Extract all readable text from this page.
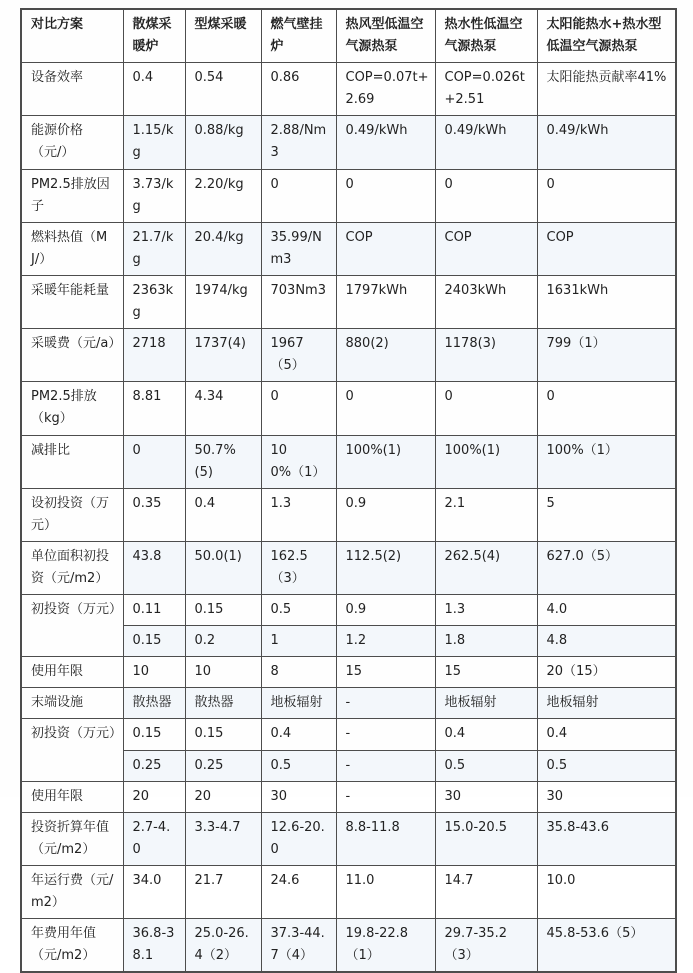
对比方案	散煤采暖炉	型煤采暖	燃气壁挂炉	热风型低温空气源热泵	热水性低温空气源热泵	太阳能热水+热水型低温空气源热泵
设备效率	0.4	0.54	0.86	COP=0.07t+2.69	COP=0.026t+2.51	太阳能热贡献率41%
能源价格（元/）	1.15/kg	0.88/kg	2.88/Nm3	0.49/kWh	0.49/kWh	0.49/kWh
PM2.5排放因子	3.73/kg	2.20/kg	0	0	0	0
燃料热值（MJ/）	21.7/kg	20.4/kg	35.99/Nm3	COP	COP	COP
采暖年能耗量	2363kg	1974/kg	703Nm3	1797kWh	2403kWh	1631kWh
采暖费（元/a）	2718	1737(4)	1967（5）	880(2)	1178(3)	799（1）
PM2.5排放（kg）	8.81	4.34	0	0	0	0
减排比	0	50.7% (5)	100%（1）	100%(1)	100%(1)	100%（1）
设初投资（万元）	0.35	0.4	1.3	0.9	2.1	5
单位面积初投资（元/m2）	43.8	50.0(1)	162.5（3）	112.5(2)	262.5(4)	627.0（5）
初投资（万元）	0.11	0.15	0.5	0.9	1.3	4.0
	0.15	0.2	1	1.2	1.8	4.8
使用年限	10	10	8	15	15	20（15）
末端设施	散热器	散热器	地板辐射	-	地板辐射	地板辐射
初投资（万元）	0.15	0.15	0.4	-	0.4	0.4
	0.25	0.25	0.5	-	0.5	0.5
使用年限	20	20	30	-	30	30
投资折算年值（元/m2）	2.7-4.0	3.3-4.7	12.6-20.0	8.8-11.8	15.0-20.5	35.8-43.6
年运行费（元/m2）	34.0	21.7	24.6	11.0	14.7	10.0
年费用年值（元/m2）	36.8-38.1	25.0-26.4（2）	37.3-44.7（4）	19.8-22.8（1）	29.7-35.2（3）	45.8-53.6（5）
